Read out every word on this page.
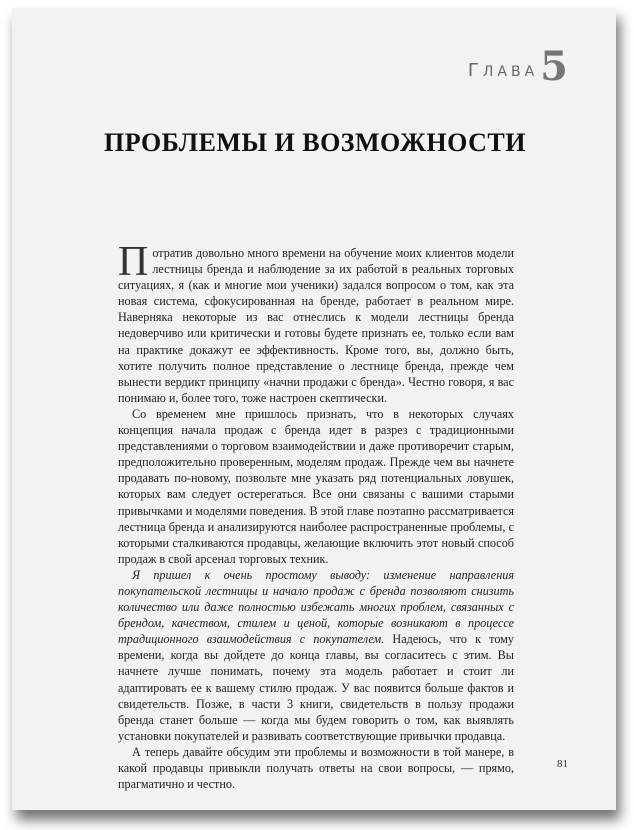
ГЛАВА 5
ПРОБЛЕМЫ И ВОЗМОЖНОСТИ

Потратив довольно много времени на обучение моих клиентов модели лестницы бренда и наблюдение за их работой в реальных торговых ситуациях, я (как и многие мои ученики) задался вопросом о том, как эта новая система, сфокусированная на бренде, работает в реальном мире. Наверняка некоторые из вас отнеслись к модели лестницы бренда недоверчиво или критически и готовы будете признать ее, только если вам на практике докажут ее эффективность. Кроме того, вы, должно быть, хотите получить полное представление о лестнице бренда, прежде чем вынести вердикт принципу «начни продажи с бренда». Честно говоря, я вас понимаю и, более того, тоже настроен скептически.

Со временем мне пришлось признать, что в некоторых случаях концепция начала продаж с бренда идет в разрез с традиционными представлениями о торговом взаимодействии и даже противоречит старым, предположительно проверенным, моделям продаж. Прежде чем вы начнете продавать по-новому, позвольте мне указать ряд потенциальных ловушек, которых вам следует остерегаться. Все они связаны с вашими старыми привычками и моделями поведения. В этой главе поэтапно рассматривается лестница бренда и анализируются наиболее распространенные проблемы, с которыми сталкиваются продавцы, желающие включить этот новый способ продаж в свой арсенал торговых техник.

Я пришел к очень простому выводу: изменение направления покупательской лестницы и начало продаж с бренда позволяют снизить количество или даже полностью избежать многих проблем, связанных с брендом, качеством, стилем и ценой, которые возникают в процессе традиционного взаимодействия с покупателем. Надеюсь, что к тому времени, когда вы дойдете до конца главы, вы согласитесь с этим. Вы начнете лучше понимать, почему эта модель работает и стоит ли адаптировать ее к вашему стилю продаж. У вас появится больше фактов и свидетельств. Позже, в части 3 книги, свидетельств в пользу продажи бренда станет больше — когда мы будем говорить о том, как выявлять установки покупателей и развивать соответствующие привычки продавца.

А теперь давайте обсудим эти проблемы и возможности в той манере, в какой продавцы привыкли получать ответы на свои вопросы, — прямо, прагматично и честно.

81
